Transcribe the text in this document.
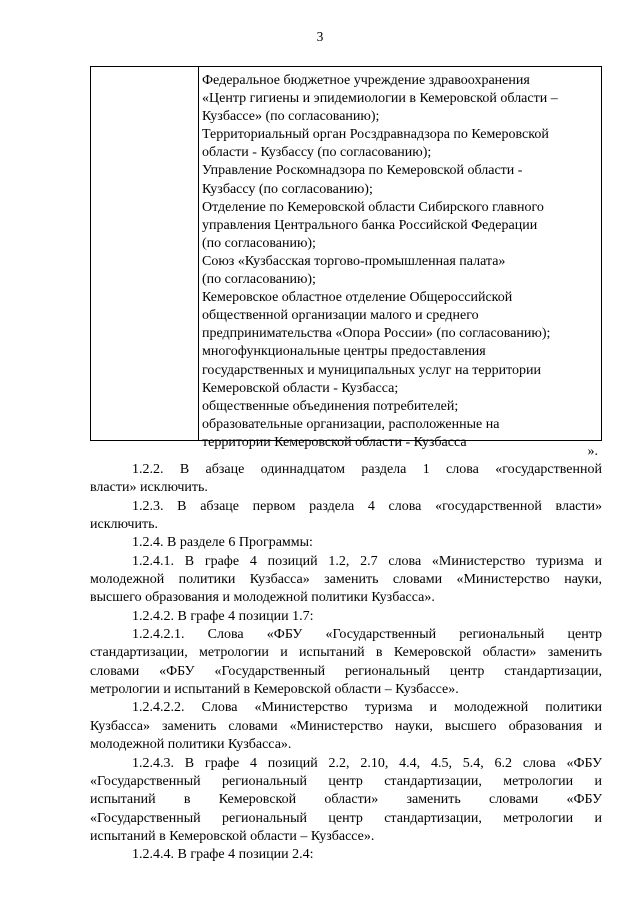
3
Федеральное бюджетное учреждение здравоохранения
«Центр гигиены и эпидемиологии в Кемеровской области –
Кузбассе» (по согласованию);
Территориальный орган Росздравнадзора по Кемеровской
области - Кузбассу (по согласованию);
Управление Роскомнадзора по Кемеровской области -
Кузбассу (по согласованию);
Отделение по Кемеровской области Сибирского главного
управления Центрального банка Российской Федерации
(по согласованию);
Союз «Кузбасская торгово-промышленная палата»
(по согласованию);
Кемеровское областное отделение Общероссийской
общественной организации малого и среднего
предпринимательства «Опора России» (по согласованию);
многофункциональные центры предоставления
государственных и муниципальных услуг на территории
Кемеровской области - Кузбасса;
общественные объединения потребителей;
образовательные организации, расположенные на
территории Кемеровской области - Кузбасса
».
1.2.2. В абзаце одиннадцатом раздела 1 слова «государственной
власти» исключить.
1.2.3. В абзаце первом раздела 4 слова «государственной власти»
исключить.
1.2.4. В разделе 6 Программы:
1.2.4.1. В графе 4 позиций 1.2, 2.7 слова «Министерство туризма и
молодежной политики Кузбасса» заменить словами «Министерство науки,
высшего образования и молодежной политики Кузбасса».
1.2.4.2. В графе 4 позиции 1.7:
1.2.4.2.1. Слова «ФБУ «Государственный региональный центр
стандартизации, метрологии и испытаний в Кемеровской области» заменить
словами «ФБУ «Государственный региональный центр стандартизации,
метрологии и испытаний в Кемеровской области – Кузбассе».
1.2.4.2.2. Слова «Министерство туризма и молодежной политики
Кузбасса» заменить словами «Министерство науки, высшего образования и
молодежной политики Кузбасса».
1.2.4.3. В графе 4 позиций 2.2, 2.10, 4.4, 4.5, 5.4, 6.2 слова «ФБУ
«Государственный региональный центр стандартизации, метрологии и
испытаний в Кемеровской области» заменить словами «ФБУ
«Государственный региональный центр стандартизации, метрологии и
испытаний в Кемеровской области – Кузбассе».
1.2.4.4. В графе 4 позиции 2.4:
